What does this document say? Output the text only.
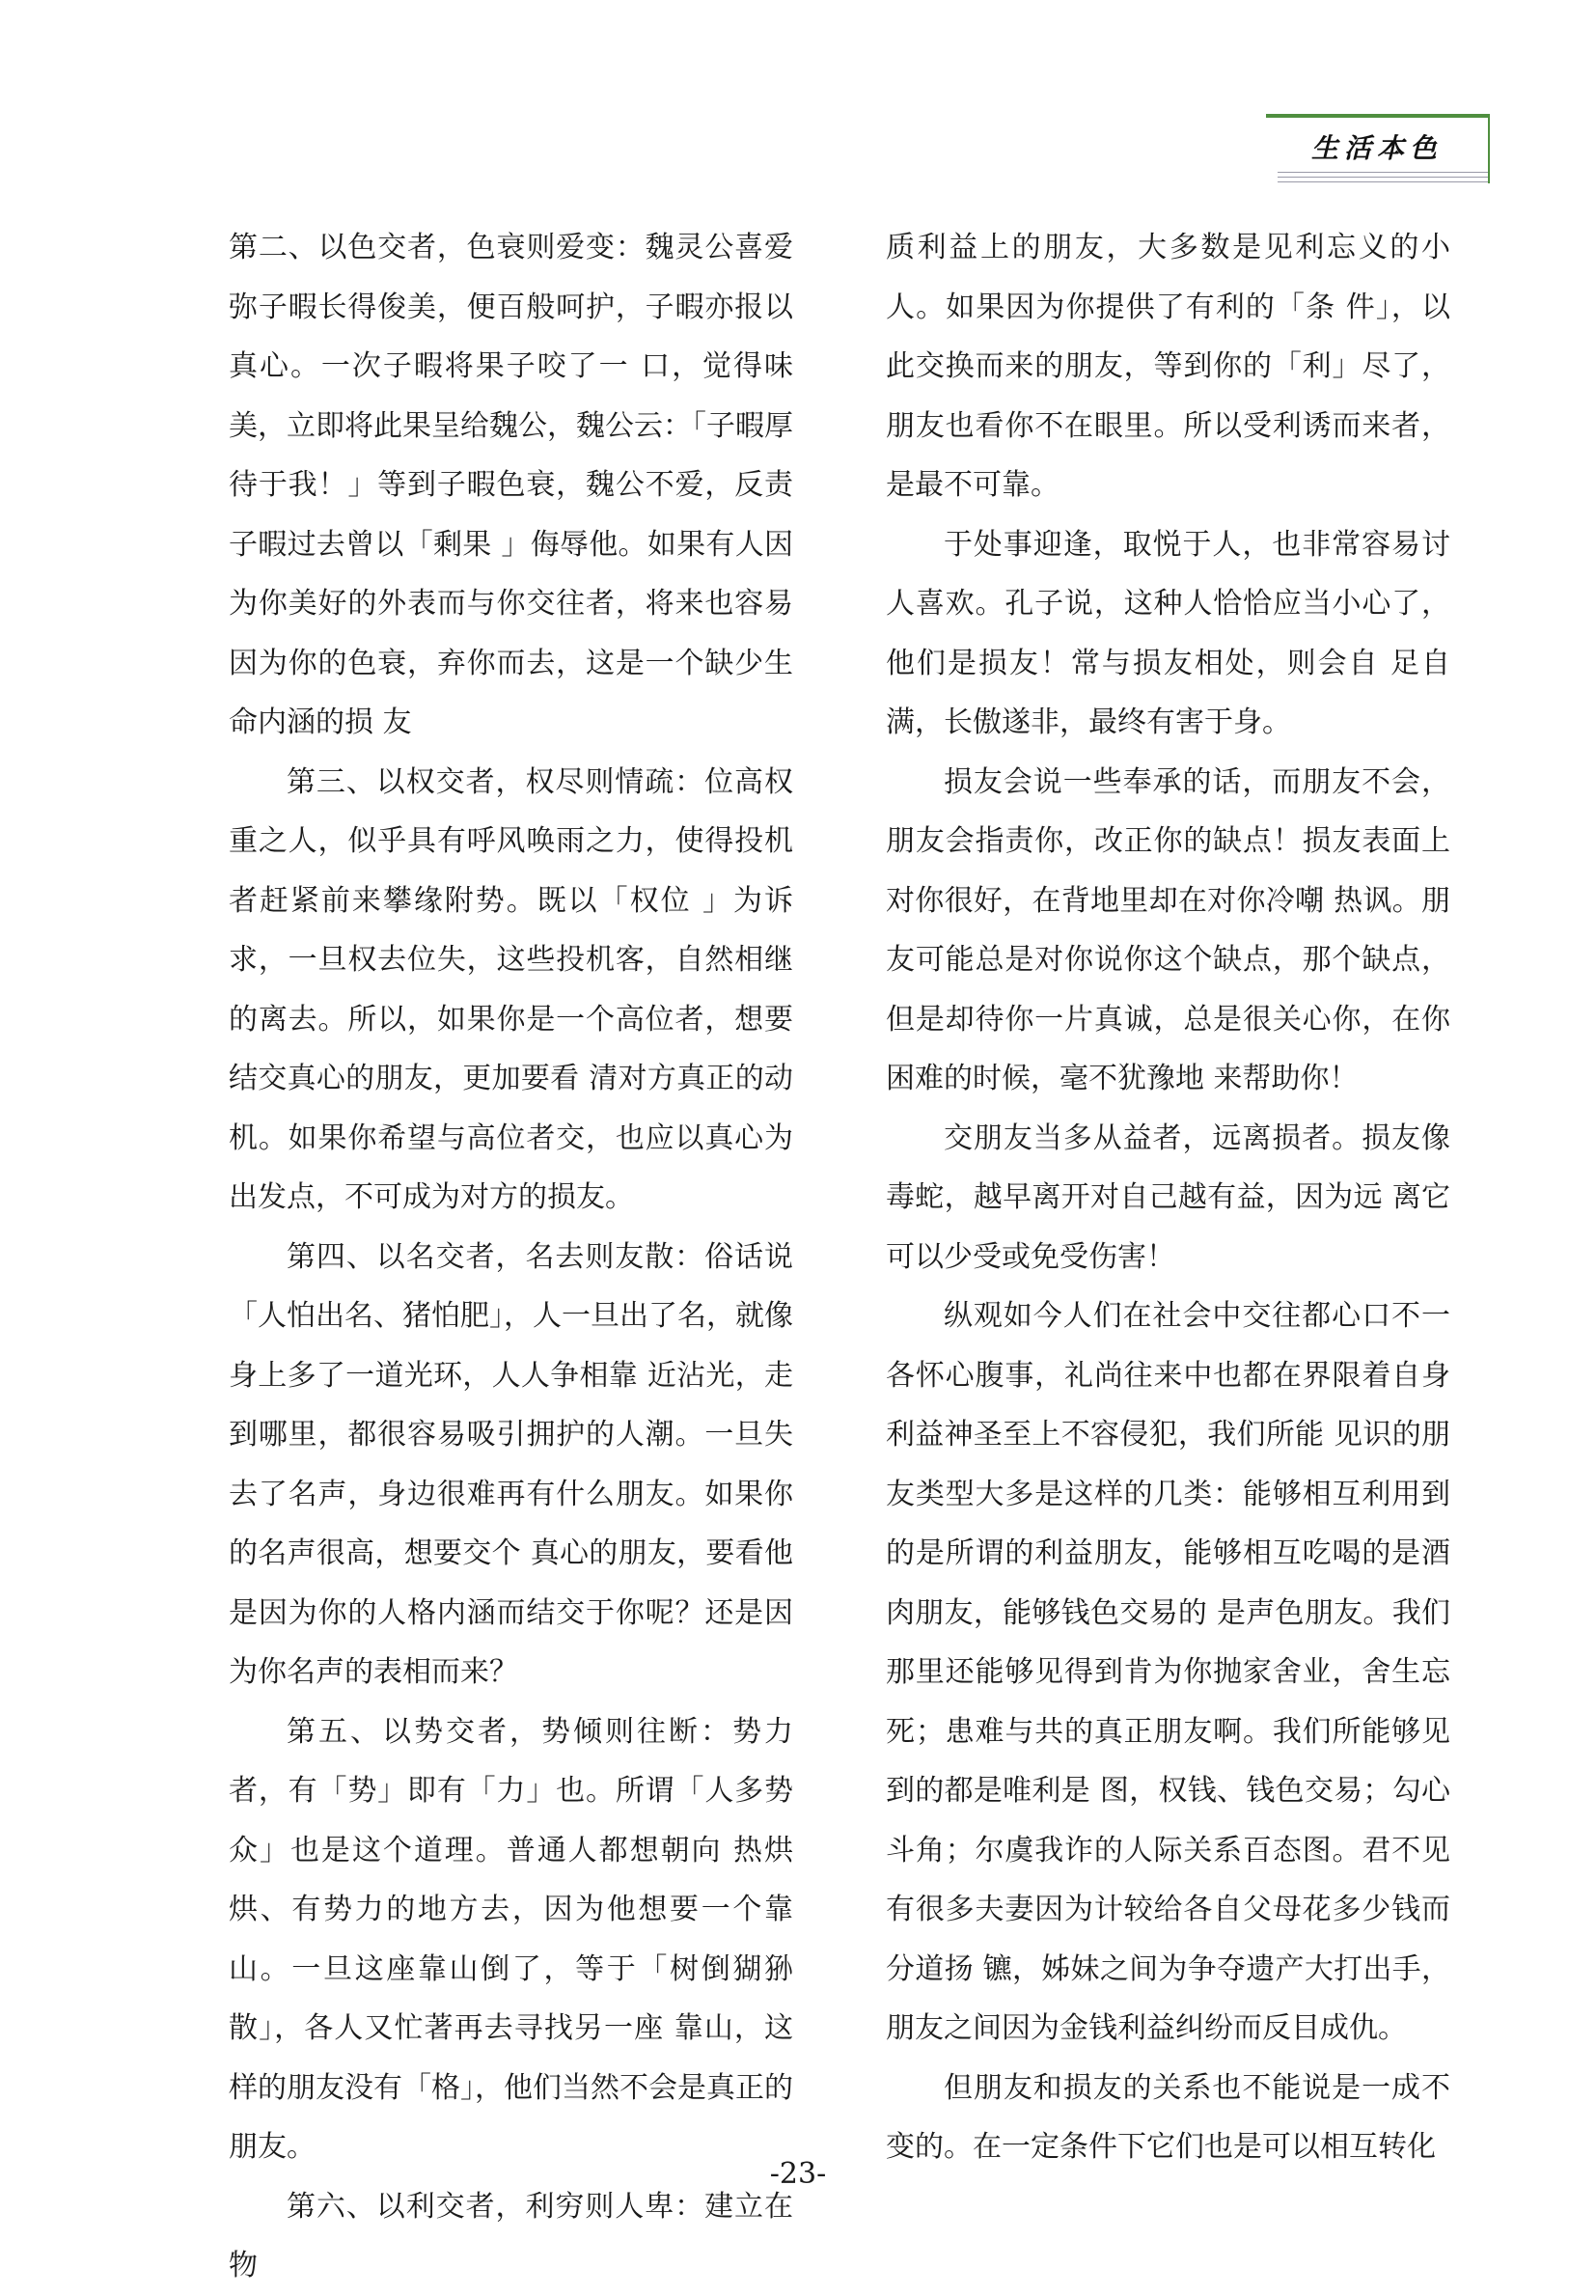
生活本色

第二、以色交者，色衰则爱变：魏灵公喜爱弥子暇长得俊美，便百般呵护，子暇亦报以真心。一次子暇将果子咬了一 口，觉得味美，立即将此果呈给魏公，魏公云：「子暇厚待于我！」等到子暇色衰，魏公不爱，反责子暇过去曾以「剩果 」侮辱他。如果有人因为你美好的外表而与你交往者，将来也容易因为你的色衰，弃你而去，这是一个缺少生命内涵的损 友

第三、以权交者，权尽则情疏：位高权重之人，似乎具有呼风唤雨之力，使得投机者赶紧前来攀缘附势。既以「权位 」为诉求，一旦权去位失，这些投机客，自然相继的离去。所以，如果你是一个高位者，想要结交真心的朋友，更加要看 清对方真正的动机。如果你希望与高位者交，也应以真心为出发点，不可成为对方的损友。

第四、以名交者，名去则友散：俗话说「人怕出名、猪怕肥」，人一旦出了名，就像身上多了一道光环，人人争相靠 近沾光，走到哪里，都很容易吸引拥护的人潮。一旦失去了名声，身边很难再有什么朋友。如果你的名声很高，想要交个 真心的朋友，要看他是因为你的人格内涵而结交于你呢？还是因为你名声的表相而来？

第五、以势交者，势倾则往断：势力者，有「势」即有「力」也。所谓「人多势众」也是这个道理。普通人都想朝向 热烘烘、有势力的地方去，因为他想要一个靠山。一旦这座靠山倒了，等于「树倒猢狲散」，各人又忙著再去寻找另一座 靠山，这样的朋友没有「格」，他们当然不会是真正的朋友。

第六、以利交者，利穷则人卑：建立在物

质利益上的朋友，大多数是见利忘义的小人。如果因为你提供了有利的「条 件」，以此交换而来的朋友，等到你的「利」尽了，朋友也看你不在眼里。所以受利诱而来者，是最不可靠。

于处事迎逢，取悦于人，也非常容易讨人喜欢。孔子说，这种人恰恰应当小心了，他们是损友！常与损友相处，则会自 足自满，长傲遂非，最终有害于身。

损友会说一些奉承的话，而朋友不会，朋友会指责你，改正你的缺点！损友表面上对你很好，在背地里却在对你冷嘲 热讽。朋友可能总是对你说你这个缺点，那个缺点，但是却待你一片真诚，总是很关心你，在你困难的时候，毫不犹豫地 来帮助你！

交朋友当多从益者，远离损者。损友像毒蛇，越早离开对自己越有益，因为远 离它可以少受或免受伤害！

纵观如今人们在社会中交往都心口不一各怀心腹事，礼尚往来中也都在界限着自身利益神圣至上不容侵犯，我们所能 见识的朋友类型大多是这样的几类：能够相互利用到的是所谓的利益朋友，能够相互吃喝的是酒肉朋友，能够钱色交易的 是声色朋友。我们那里还能够见得到肯为你抛家舍业，舍生忘死；患难与共的真正朋友啊。我们所能够见到的都是唯利是 图，权钱、钱色交易；勾心斗角；尔虞我诈的人际关系百态图。君不见有很多夫妻因为计较给各自父母花多少钱而分道扬 镳，姊妹之间为争夺遗产大打出手，朋友之间因为金钱利益纠纷而反目成仇。

但朋友和损友的关系也不能说是一成不变的。在一定条件下它们也是可以相互转化

-23-
